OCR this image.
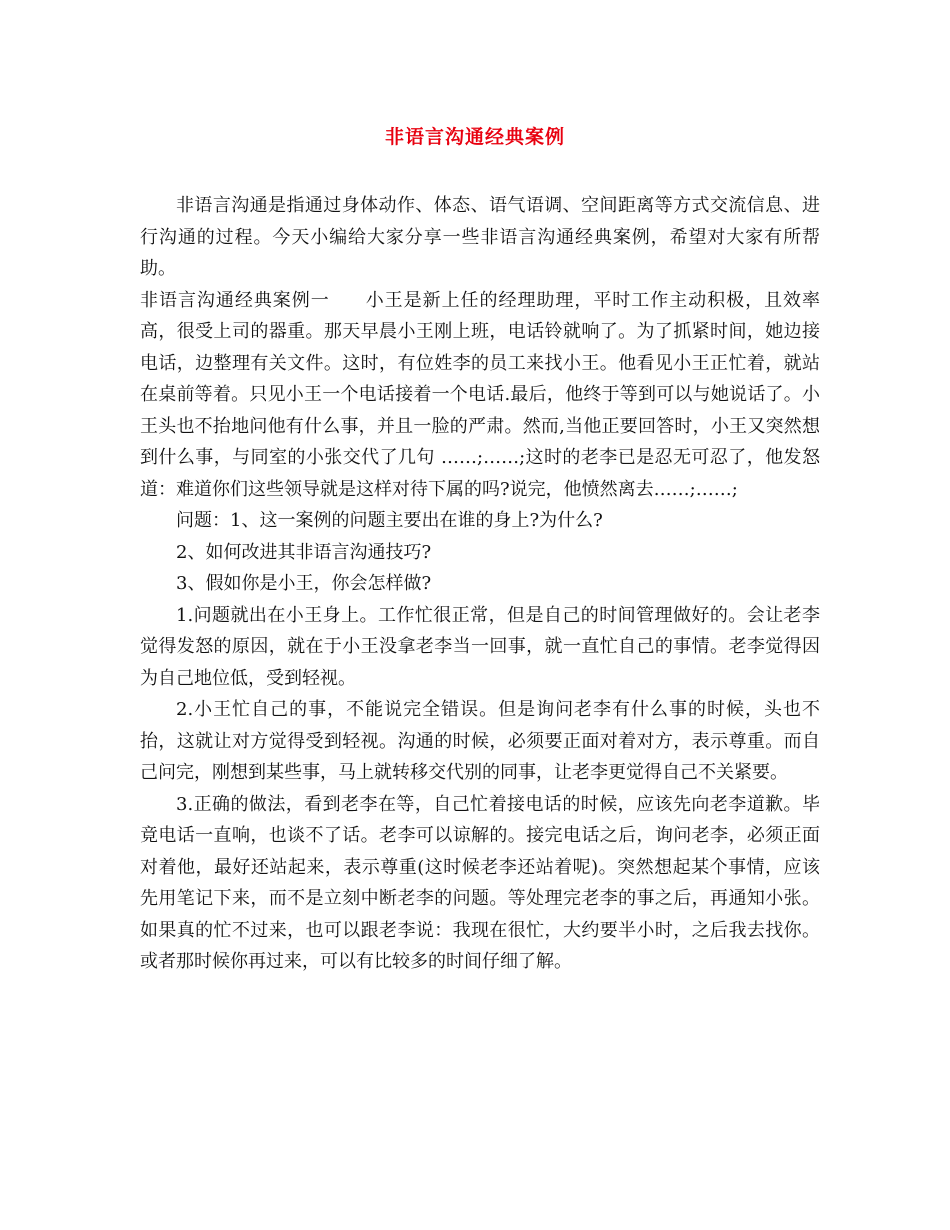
非语言沟通经典案例

非语言沟通是指通过身体动作、体态、语气语调、空间距离等方式交流信息、进行沟通的过程。今天小编给大家分享一些非语言沟通经典案例，希望对大家有所帮助。

非语言沟通经典案例一 小王是新上任的经理助理，平时工作主动积极，且效率高，很受上司的器重。那天早晨小王刚上班，电话铃就响了。为了抓紧时间，她边接电话，边整理有关文件。这时，有位姓李的员工来找小王。他看见小王正忙着，就站在桌前等着。只见小王一个电话接着一个电话.最后，他终于等到可以与她说话了。小王头也不抬地问他有什么事，并且一脸的严肃。然而,当他正要回答时，小王又突然想到什么事，与同室的小张交代了几句 ……;……;这时的老李已是忍无可忍了，他发怒道：难道你们这些领导就是这样对待下属的吗?说完，他愤然离去……;……;

问题：1、这一案例的问题主要出在谁的身上?为什么?

2、如何改进其非语言沟通技巧?

3、假如你是小王，你会怎样做?

1.问题就出在小王身上。工作忙很正常，但是自己的时间管理做好的。会让老李觉得发怒的原因，就在于小王没拿老李当一回事，就一直忙自己的事情。老李觉得因为自己地位低，受到轻视。

2.小王忙自己的事，不能说完全错误。但是询问老李有什么事的时候，头也不抬，这就让对方觉得受到轻视。沟通的时候，必须要正面对着对方，表示尊重。而自己问完，刚想到某些事，马上就转移交代别的同事，让老李更觉得自己不关紧要。

3.正确的做法，看到老李在等，自己忙着接电话的时候，应该先向老李道歉。毕竟电话一直响，也谈不了话。老李可以谅解的。接完电话之后，询问老李，必须正面对着他，最好还站起来，表示尊重(这时候老李还站着呢)。突然想起某个事情，应该先用笔记下来，而不是立刻中断老李的问题。等处理完老李的事之后，再通知小张。如果真的忙不过来，也可以跟老李说：我现在很忙，大约要半小时，之后我去找你。或者那时候你再过来，可以有比较多的时间仔细了解。
